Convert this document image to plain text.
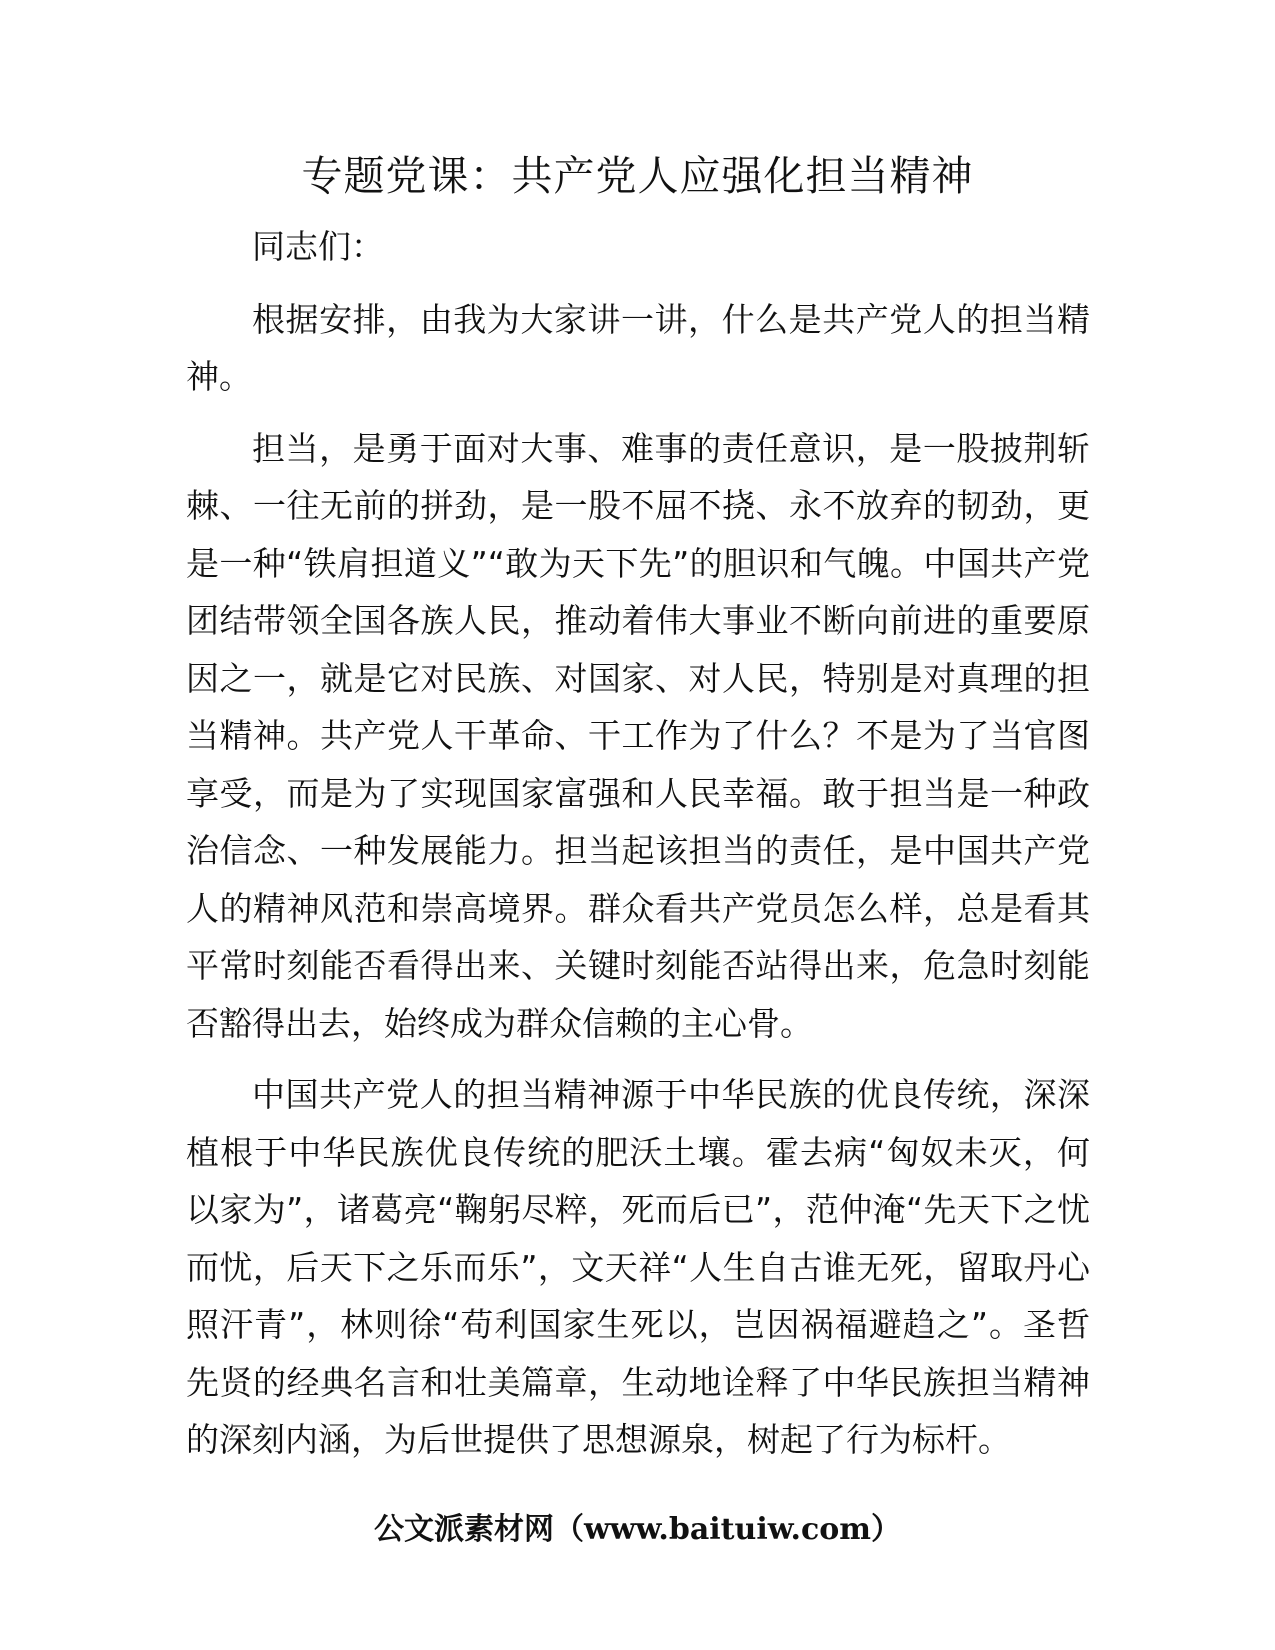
专题党课：共产党人应强化担当精神

同志们：

根据安排，由我为大家讲一讲，什么是共产党人的担当精神。

担当，是勇于面对大事、难事的责任意识，是一股披荆斩棘、一往无前的拼劲，是一股不屈不挠、永不放弃的韧劲，更是一种“铁肩担道义”“敢为天下先”的胆识和气魄。中国共产党团结带领全国各族人民，推动着伟大事业不断向前进的重要原因之一，就是它对民族、对国家、对人民，特别是对真理的担当精神。共产党人干革命、干工作为了什么？不是为了当官图享受，而是为了实现国家富强和人民幸福。敢于担当是一种政治信念、一种发展能力。担当起该担当的责任，是中国共产党人的精神风范和崇高境界。群众看共产党员怎么样，总是看其平常时刻能否看得出来、关键时刻能否站得出来，危急时刻能否豁得出去，始终成为群众信赖的主心骨。

中国共产党人的担当精神源于中华民族的优良传统，深深植根于中华民族优良传统的肥沃土壤。霍去病“匈奴未灭，何以家为”，诸葛亮“鞠躬尽粹，死而后已”，范仲淹“先天下之忧而忧，后天下之乐而乐”，文天祥“人生自古谁无死，留取丹心照汗青”，林则徐“苟利国家生死以，岂因祸福避趋之”。圣哲先贤的经典名言和壮美篇章，生动地诠释了中华民族担当精神的深刻内涵，为后世提供了思想源泉，树起了行为标杆。

公文派素材网（www.baituiw.com）
